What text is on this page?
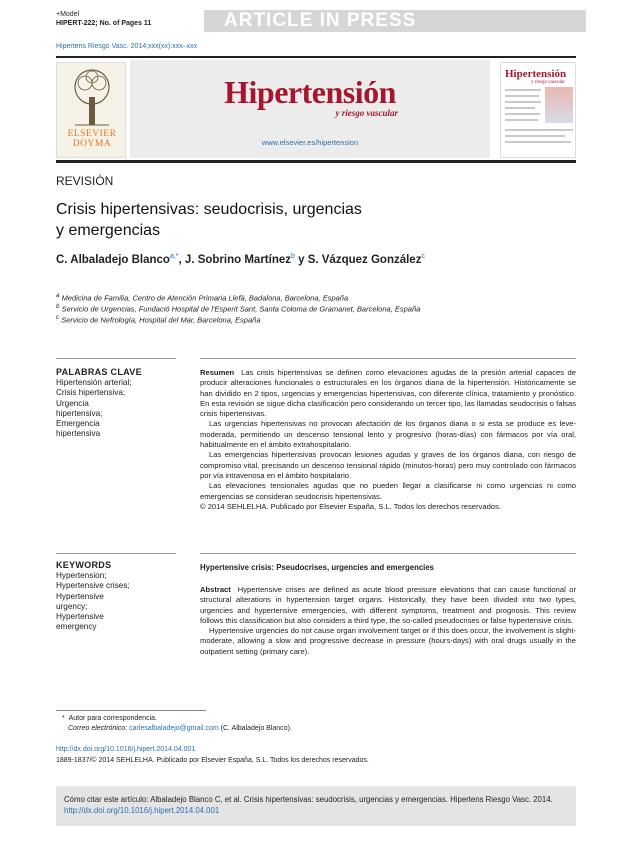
+Model
HIPERT-222; No. of Pages 11	ARTICLE IN PRESS
Hipertens Riesgo Vasc. 2014;xxx(xx):xxx–xxx
ELSEVIER
DOYMA
Hipertensión
y riesgo vascular
www.elsevier.es/hipertension
Hipertensión
y riesgo vascular
REVISIÓN
Crisis hipertensivas: seudocrisis, urgencias
y emergencias
C. Albaladejo Blanco$^{a,*}$, J. Sobrino Martínez$^b$ y S. Vázquez González$^c$
$^a$ Medicina de Familia, Centro de Atención Primaria Llefà, Badalona, Barcelona, España
$^b$ Servicio de Urgencias, Fundació Hospital de l'Esperit Sant, Santa Coloma de Gramanet, Barcelona, España
$^c$ Servicio de Nefrología, Hospital del Mar, Barcelona, España
PALABRAS CLAVE
Hipertensión arterial;
Crisis hipertensiva;
Urgencia
hipertensiva;
Emergencia
hipertensiva

Resumen Las crisis hipertensivas se definen como elevaciones agudas de la presión arterial capaces de producir alteraciones funcionales o estructurales en los órganos diana de la hipertensión. Históricamente se han dividido en 2 tipos, urgencias y emergencias hipertensivas, con diferente clínica, tratamiento y pronóstico. En esta revisión se sigue dicha clasificación pero considerando un tercer tipo, las llamadas seudocrisis o falsas crisis hipertensivas.

Las urgencias hipertensivas no provocan afectación de los órganos diana o si esta se produce es leve-moderada, permitiendo un descenso tensional lento y progresivo (horas-días) con fármacos por vía oral, habitualmente en el ámbito extrahospitalario.

Las emergencias hipertensivas provocan lesiones agudas y graves de los órganos diana, con riesgo de compromiso vital, precisando un descenso tensional rápido (minutos-horas) pero muy controlado con fármacos por vía intravenosa en el ámbito hospitalario.

Las elevaciones tensionales agudas que no pueden llegar a clasificarse ni como urgencias ni como emergencias se consideran seudocrisis hipertensivas.

© 2014 SEHLELHA. Publicado por Elsevier España, S.L. Todos los derechos reservados.

KEYWORDS
Hypertension;
Hypertensive crises;
Hypertensive
urgency;
Hypertensive
emergency
Hypertensive crisis: Pseudocrises, urgencies and emergencies

Abstract Hypertensive crises are defined as acute blood pressure elevations that can cause functional or structural alterations in hypertension target organs. Historically, they have been divided into two types, urgencies and hypertensive emergencies, with different symptoms, treatment and prognosis. This review follows this classification but also considers a third type, the so-called pseudocrises or false hypertensive crisis.

Hypertensive urgencies do not cause organ involvement target or if this does occur, the involvement is slight-moderate, allowing a slow and progressive decrease in pressure (hours-days) with oral drugs usually in the outpatient setting (primary care).

* Autor para correspondencia.
Correo electrónico: carlesalbaladejo@gmail.com (C. Albaladejo Blanco).
http://dx.doi.org/10.1016/j.hipert.2014.04.001
1889-1837/© 2014 SEHLELHA. Publicado por Elsevier España, S.L. Todos los derechos reservados.
Cómo citar este artículo: Albaladejo Blanco C, et al. Crisis hipertensivas: seudocrisis, urgencias y emergencias. Hipertens Riesgo Vasc. 2014. http://dx.doi.org/10.1016/j.hipert.2014.04.001
